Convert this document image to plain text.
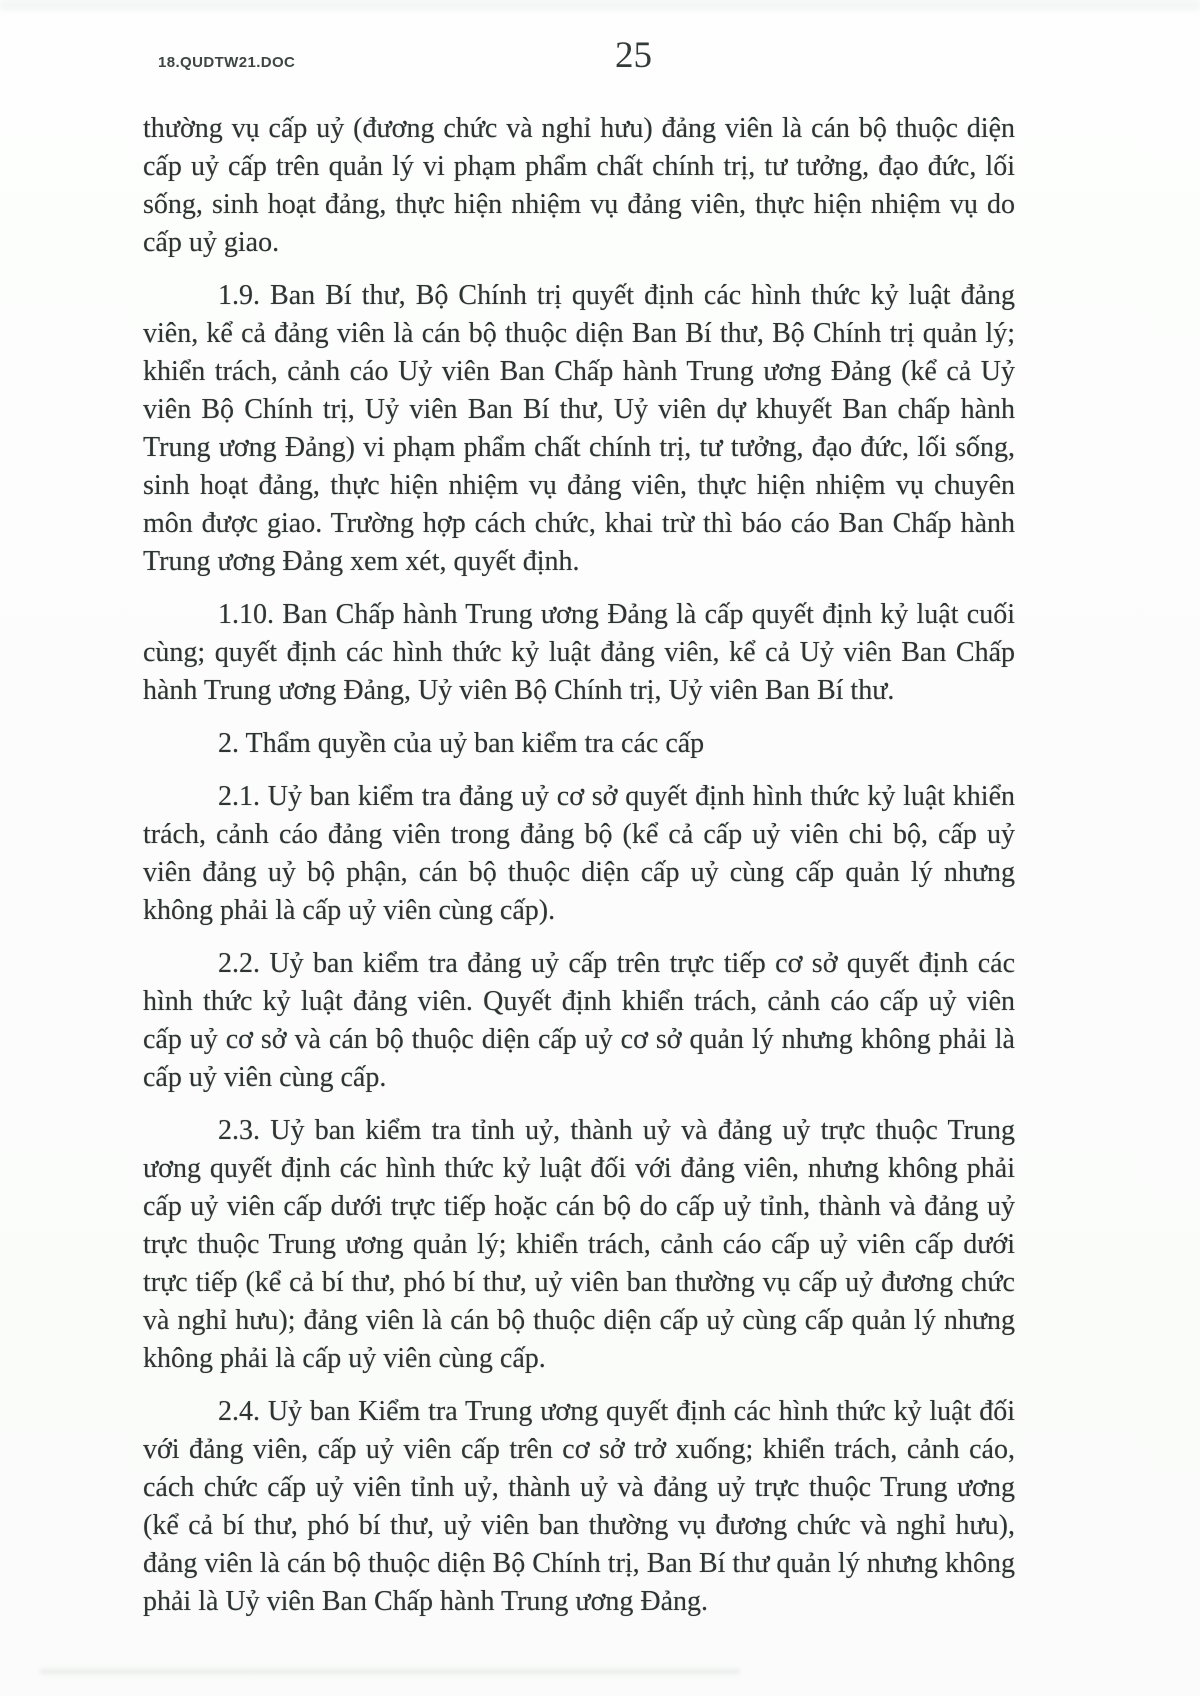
18.QUDTW21.DOC	25

thường vụ cấp uỷ (đương chức và nghỉ hưu) đảng viên là cán bộ thuộc diện cấp uỷ cấp trên quản lý vi phạm phẩm chất chính trị, tư tưởng, đạo đức, lối sống, sinh hoạt đảng, thực hiện nhiệm vụ đảng viên, thực hiện nhiệm vụ do cấp uỷ giao.

1.9. Ban Bí thư, Bộ Chính trị quyết định các hình thức kỷ luật đảng viên, kể cả đảng viên là cán bộ thuộc diện Ban Bí thư, Bộ Chính trị quản lý; khiển trách, cảnh cáo Uỷ viên Ban Chấp hành Trung ương Đảng (kể cả Uỷ viên Bộ Chính trị, Uỷ viên Ban Bí thư, Uỷ viên dự khuyết Ban chấp hành Trung ương Đảng) vi phạm phẩm chất chính trị, tư tưởng, đạo đức, lối sống, sinh hoạt đảng, thực hiện nhiệm vụ đảng viên, thực hiện nhiệm vụ chuyên môn được giao. Trường hợp cách chức, khai trừ thì báo cáo Ban Chấp hành Trung ương Đảng xem xét, quyết định.

1.10. Ban Chấp hành Trung ương Đảng là cấp quyết định kỷ luật cuối cùng; quyết định các hình thức kỷ luật đảng viên, kể cả Uỷ viên Ban Chấp hành Trung ương Đảng, Uỷ viên Bộ Chính trị, Uỷ viên Ban Bí thư.

2. Thẩm quyền của uỷ ban kiểm tra các cấp

2.1. Uỷ ban kiểm tra đảng uỷ cơ sở quyết định hình thức kỷ luật khiển trách, cảnh cáo đảng viên trong đảng bộ (kể cả cấp uỷ viên chi bộ, cấp uỷ viên đảng uỷ bộ phận, cán bộ thuộc diện cấp uỷ cùng cấp quản lý nhưng không phải là cấp uỷ viên cùng cấp).

2.2. Uỷ ban kiểm tra đảng uỷ cấp trên trực tiếp cơ sở quyết định các hình thức kỷ luật đảng viên. Quyết định khiển trách, cảnh cáo cấp uỷ viên cấp uỷ cơ sở và cán bộ thuộc diện cấp uỷ cơ sở quản lý nhưng không phải là cấp uỷ viên cùng cấp.

2.3. Uỷ ban kiểm tra tỉnh uỷ, thành uỷ và đảng uỷ trực thuộc Trung ương quyết định các hình thức kỷ luật đối với đảng viên, nhưng không phải cấp uỷ viên cấp dưới trực tiếp hoặc cán bộ do cấp uỷ tỉnh, thành và đảng uỷ trực thuộc Trung ương quản lý; khiển trách, cảnh cáo cấp uỷ viên cấp dưới trực tiếp (kể cả bí thư, phó bí thư, uỷ viên ban thường vụ cấp uỷ đương chức và nghỉ hưu); đảng viên là cán bộ thuộc diện cấp uỷ cùng cấp quản lý nhưng không phải là cấp uỷ viên cùng cấp.

2.4. Uỷ ban Kiểm tra Trung ương quyết định các hình thức kỷ luật đối với đảng viên, cấp uỷ viên cấp trên cơ sở trở xuống; khiển trách, cảnh cáo, cách chức cấp uỷ viên tỉnh uỷ, thành uỷ và đảng uỷ trực thuộc Trung ương (kể cả bí thư, phó bí thư, uỷ viên ban thường vụ đương chức và nghỉ hưu), đảng viên là cán bộ thuộc diện Bộ Chính trị, Ban Bí thư quản lý nhưng không phải là Uỷ viên Ban Chấp hành Trung ương Đảng.
